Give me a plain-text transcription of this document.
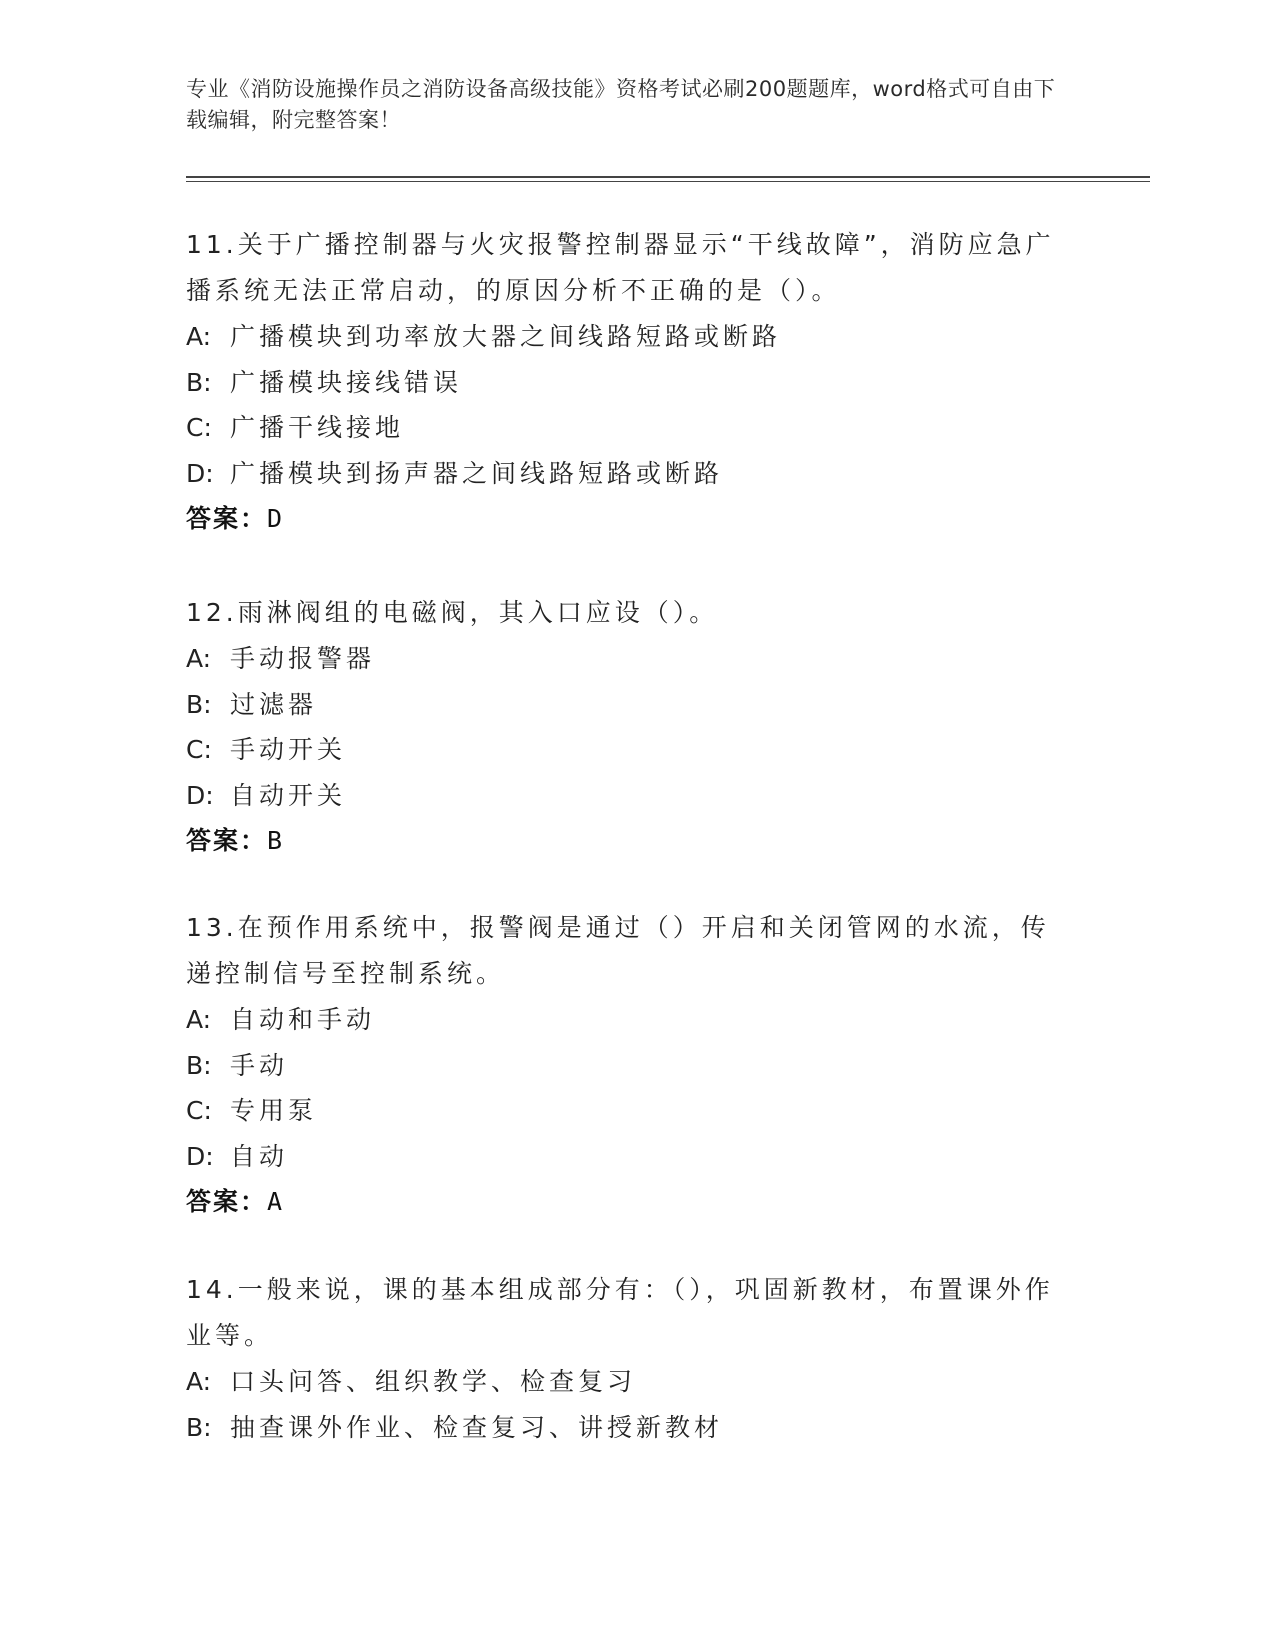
专业《消防设施操作员之消防设备高级技能》资格考试必刷200题题库，word格式可自由下载编辑，附完整答案！

11.关于广播控制器与火灾报警控制器显示“干线故障”，消防应急广播系统无法正常启动，的原因分析不正确的是（）。

A: 广播模块到功率放大器之间线路短路或断路

B: 广播模块接线错误

C: 广播干线接地

D: 广播模块到扬声器之间线路短路或断路

答案：D

12.雨淋阀组的电磁阀，其入口应设（）。

A: 手动报警器

B: 过滤器

C: 手动开关

D: 自动开关

答案：B

13.在预作用系统中，报警阀是通过（）开启和关闭管网的水流，传递控制信号至控制系统。

A: 自动和手动

B: 手动

C: 专用泵

D: 自动

答案：A

14.一般来说，课的基本组成部分有：（），巩固新教材，布置课外作业等。

A: 口头问答、组织教学、检查复习

B: 抽查课外作业、检查复习、讲授新教材
